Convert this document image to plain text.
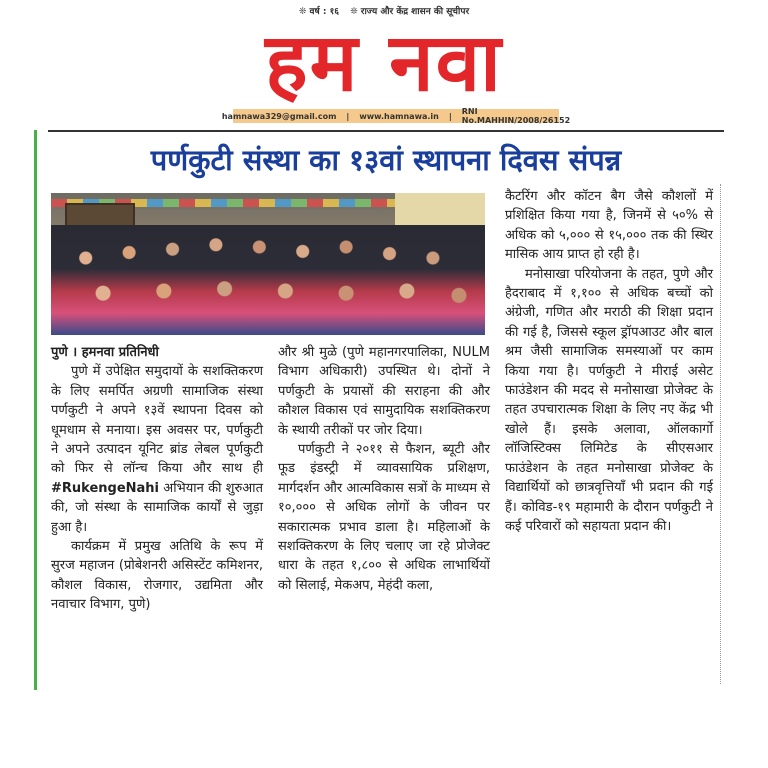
❊ वर्ष : १६ ❊ राज्य और केंद्र शासन की सूचीपर
हम नवा
hamnawa329@gmail.com | www.hamnawa.in | RNI No.MAHHIN/2008/26152
पर्णकुटी संस्था का १३वां स्थापना दिवस संपन्न

पुणे । हमनवा प्रतिनिधी

पुणे में उपेक्षित समुदायों के सशक्तिकरण के लिए समर्पित अग्रणी सामाजिक संस्था पर्णकुटी ने अपने १३वें स्थापना दिवस को धूमधाम से मनाया। इस अवसर पर, पर्णकुटी ने अपने उत्पादन यूनिट ब्रांड लेबल पूर्णकुटी को फिर से लॉन्च किया और साथ ही #RukengeNahi अभियान की शुरुआत की, जो संस्था के सामाजिक कार्यों से जुड़ा हुआ है।

कार्यक्रम में प्रमुख अतिथि के रूप में सुरज महाजन (प्रोबेशनरी असिस्टेंट कमिशनर, कौशल विकास, रोजगार, उद्यमिता और नवाचार विभाग, पुणे)

और श्री मुळे (पुणे महानगरपालिका, NULM विभाग अधिकारी) उपस्थित थे। दोनों ने पर्णकुटी के प्रयासों की सराहना की और कौशल विकास एवं सामुदायिक सशक्तिकरण के स्थायी तरीकों पर जोर दिया।

पर्णकुटी ने २०११ से फैशन, ब्यूटी और फूड इंडस्ट्री में व्यावसायिक प्रशिक्षण, मार्गदर्शन और आत्मविकास सत्रों के माध्यम से १०,००० से अधिक लोगों के जीवन पर सकारात्मक प्रभाव डाला है। महिलाओं के सशक्तिकरण के लिए चलाए जा रहे प्रोजेक्ट धारा के तहत १,८०० से अधिक लाभार्थियों को सिलाई, मेकअप, मेहंदी कला,

कैटरिंग और कॉटन बैग जैसे कौशलों में प्रशिक्षित किया गया है, जिनमें से ५०% से अधिक को ५,००० से १५,००० तक की स्थिर मासिक आय प्राप्त हो रही है।

मनोसाखा परियोजना के तहत, पुणे और हैदराबाद में १,१०० से अधिक बच्चों को अंग्रेजी, गणित और मराठी की शिक्षा प्रदान की गई है, जिससे स्कूल ड्रॉपआउट और बाल श्रम जैसी सामाजिक समस्याओं पर काम किया गया है। पर्णकुटी ने मीराई असेट फाउंडेशन की मदद से मनोसाखा प्रोजेक्ट के तहत उपचारात्मक शिक्षा के लिए नए केंद्र भी खोले हैं। इसके अलावा, ऑलकार्गो लॉजिस्टिक्स लिमिटेड के सीएसआर फाउंडेशन के तहत मनोसाखा प्रोजेक्ट के विद्यार्थियों को छात्रवृत्तियाँ भी प्रदान की गई हैं। कोविड-१९ महामारी के दौरान पर्णकुटी ने कई परिवारों को सहायता प्रदान की।
